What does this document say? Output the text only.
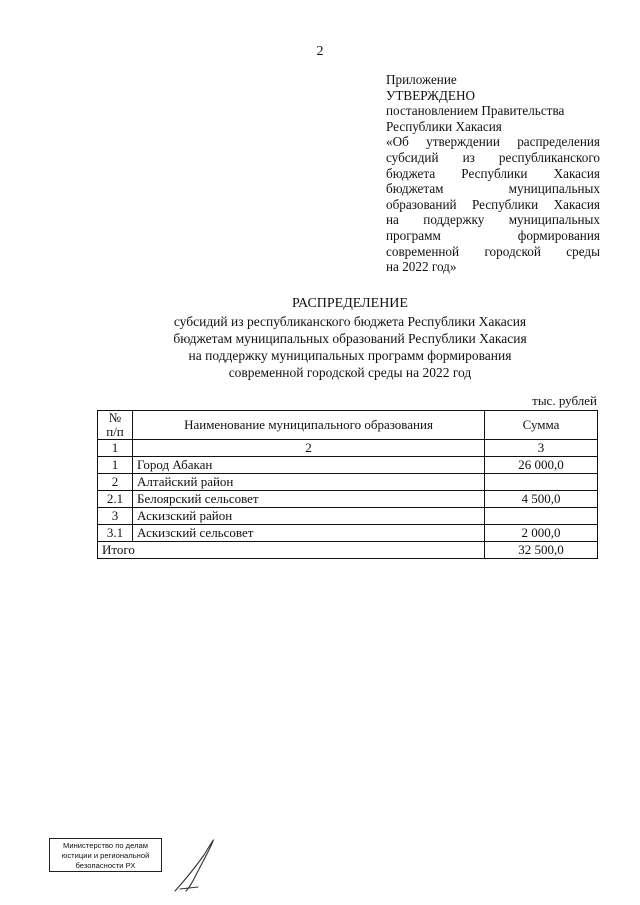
2
Приложение
УТВЕРЖДЕНО
постановлением Правительства
Республики Хакасия
«Об утверждении распределения
субсидий из республиканского
бюджета Республики Хакасия
бюджетам муниципальных
образований Республики Хакасия
на поддержку муниципальных
программ формирования
современной городской среды
на 2022 год»
РАСПРЕДЕЛЕНИЕ
субсидий из республиканского бюджета Республики Хакасия
бюджетам муниципальных образований Республики Хакасия
на поддержку муниципальных программ формирования
современной городской среды на 2022 год
тыс. рублей
№
п/п	Наименование муниципального образования	Сумма
1	2	3
1	Город Абакан	26 000,0
2	Алтайский район	
2.1	Белоярский сельсовет	4 500,0
3	Аскизский район	
3.1	Аскизский сельсовет	2 000,0
Итого		32 500,0
Министерство по делам
юстиции и региональной
безопасности РХ
